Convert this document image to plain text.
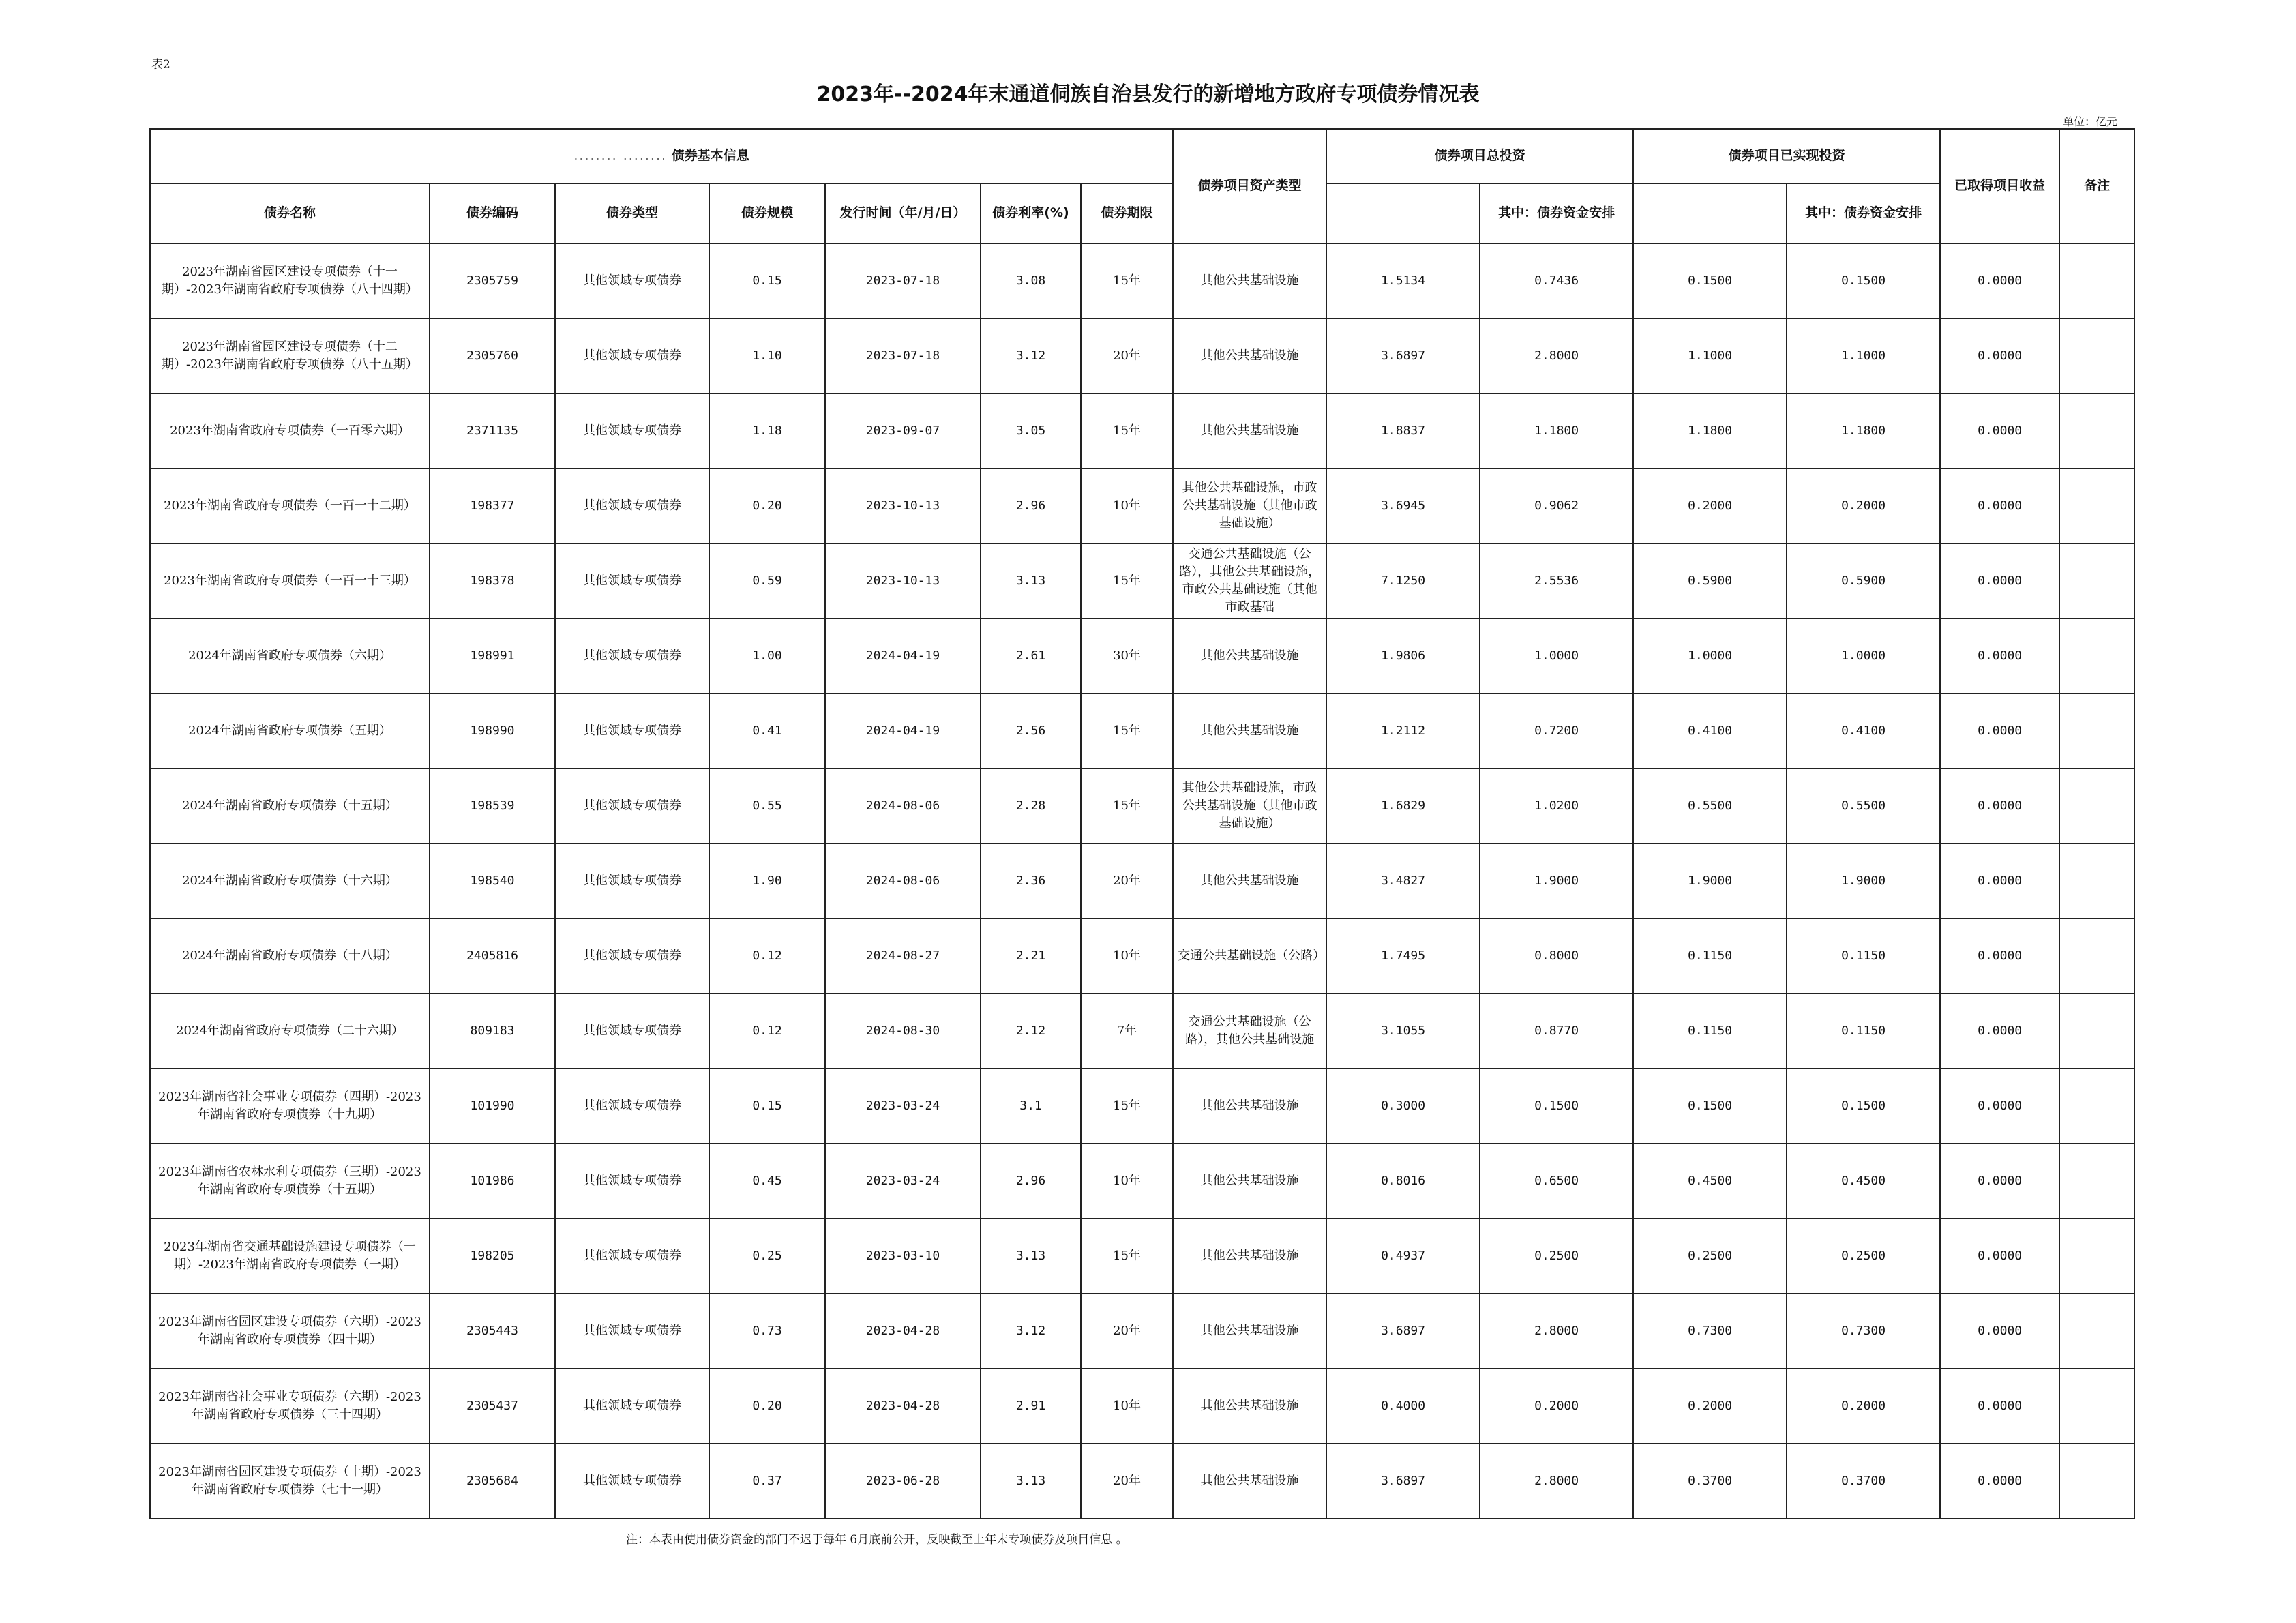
表2
2023年--2024年末通道侗族自治县发行的新增地方政府专项债券情况表
单位：亿元
........ ........ 债券基本信息							债券项目资产类型	债券项目总投资		债券项目已实现投资		已取得项目收益	备注
债券名称	债券编码	债券类型	债券规模	发行时间（年/月/日）	债券利率(%)	债券期限			其中：债券资金安排		其中：债券资金安排		
2023年湖南省园区建设专项债券（十一期）-2023年湖南省政府专项债券（八十四期）	2305759	其他领域专项债券	0.15	2023-07-18	3.08	15年	其他公共基础设施	1.5134	0.7436	0.1500	0.1500	0.0000	
2023年湖南省园区建设专项债券（十二期）-2023年湖南省政府专项债券（八十五期）	2305760	其他领域专项债券	1.10	2023-07-18	3.12	20年	其他公共基础设施	3.6897	2.8000	1.1000	1.1000	0.0000	
2023年湖南省政府专项债券（一百零六期）	2371135	其他领域专项债券	1.18	2023-09-07	3.05	15年	其他公共基础设施	1.8837	1.1800	1.1800	1.1800	0.0000	
2023年湖南省政府专项债券（一百一十二期）	198377	其他领域专项债券	0.20	2023-10-13	2.96	10年	其他公共基础设施，市政公共基础设施（其他市政基础设施）	3.6945	0.9062	0.2000	0.2000	0.0000	
2023年湖南省政府专项债券（一百一十三期）	198378	其他领域专项债券	0.59	2023-10-13	3.13	15年	交通公共基础设施（公路），其他公共基础设施，市政公共基础设施（其他市政基础	7.1250	2.5536	0.5900	0.5900	0.0000	
2024年湖南省政府专项债券（六期）	198991	其他领域专项债券	1.00	2024-04-19	2.61	30年	其他公共基础设施	1.9806	1.0000	1.0000	1.0000	0.0000	
2024年湖南省政府专项债券（五期）	198990	其他领域专项债券	0.41	2024-04-19	2.56	15年	其他公共基础设施	1.2112	0.7200	0.4100	0.4100	0.0000	
2024年湖南省政府专项债券（十五期）	198539	其他领域专项债券	0.55	2024-08-06	2.28	15年	其他公共基础设施，市政公共基础设施（其他市政基础设施）	1.6829	1.0200	0.5500	0.5500	0.0000	
2024年湖南省政府专项债券（十六期）	198540	其他领域专项债券	1.90	2024-08-06	2.36	20年	其他公共基础设施	3.4827	1.9000	1.9000	1.9000	0.0000	
2024年湖南省政府专项债券（十八期）	2405816	其他领域专项债券	0.12	2024-08-27	2.21	10年	交通公共基础设施（公路）	1.7495	0.8000	0.1150	0.1150	0.0000	
2024年湖南省政府专项债券（二十六期）	809183	其他领域专项债券	0.12	2024-08-30	2.12	7年	交通公共基础设施（公路），其他公共基础设施	3.1055	0.8770	0.1150	0.1150	0.0000	
2023年湖南省社会事业专项债券（四期）-2023年湖南省政府专项债券（十九期）	101990	其他领域专项债券	0.15	2023-03-24	3.1	15年	其他公共基础设施	0.3000	0.1500	0.1500	0.1500	0.0000	
2023年湖南省农林水利专项债券（三期）-2023年湖南省政府专项债券（十五期）	101986	其他领域专项债券	0.45	2023-03-24	2.96	10年	其他公共基础设施	0.8016	0.6500	0.4500	0.4500	0.0000	
2023年湖南省交通基础设施建设专项债券（一期）-2023年湖南省政府专项债券（一期）	198205	其他领域专项债券	0.25	2023-03-10	3.13	15年	其他公共基础设施	0.4937	0.2500	0.2500	0.2500	0.0000	
2023年湖南省园区建设专项债券（六期）-2023年湖南省政府专项债券（四十期）	2305443	其他领域专项债券	0.73	2023-04-28	3.12	20年	其他公共基础设施	3.6897	2.8000	0.7300	0.7300	0.0000	
2023年湖南省社会事业专项债券（六期）-2023年湖南省政府专项债券（三十四期）	2305437	其他领域专项债券	0.20	2023-04-28	2.91	10年	其他公共基础设施	0.4000	0.2000	0.2000	0.2000	0.0000	
2023年湖南省园区建设专项债券（十期）-2023年湖南省政府专项债券（七十一期）	2305684	其他领域专项债券	0.37	2023-06-28	3.13	20年	其他公共基础设施	3.6897	2.8000	0.3700	0.3700	0.0000	
注：本表由使用债券资金的部门不迟于每年 6月底前公开，反映截至上年末专项债券及项目信息 。
